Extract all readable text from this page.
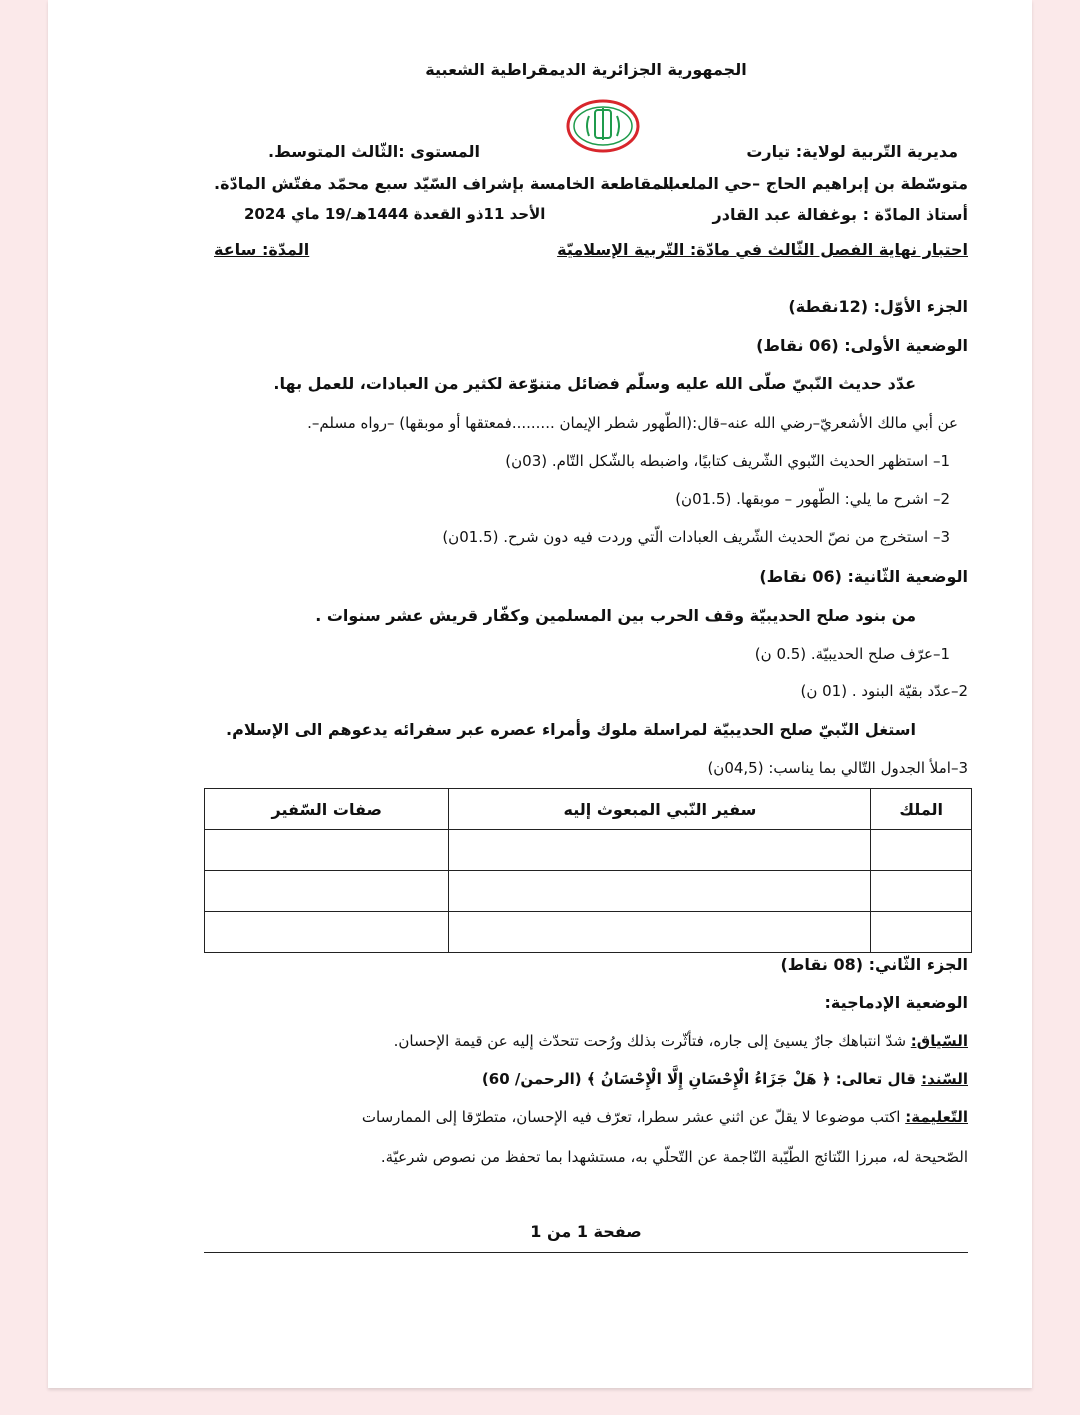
الجمهورية الجزائرية الديمقراطية الشعبية
مديرية التّربية لولاية: تيارت
متوسّطة بن إبراهيم الحاج –حي الملعب.
أستاذ المادّة : بوغفالة عبد القادر
المستوى :الثّالث المتوسط.
المقاطعة الخامسة بإشراف السّيّد سبع محمّد مفتّش المادّة.
الأحد 11ذو القعدة 1444هـ/19 ماي 2024
احتبار نهاية الفصل الثّالث في مادّة: التّربية الإسلاميّة
المدّة: ساعة
الجزء الأوّل: (12نقطة)
الوضعية الأولى: (06 نقاط)
عدّد حديث النّبيّ صلّى الله عليه وسلّم فضائل متنوّعة لكثير من العبادات، للعمل بها.
عن أبي مالك الأشعريّ–رضي الله عنه–قال:(الطّهور شطر الإيمان .........فمعتقها أو موبقها) –رواه مسلم–.
1– استظهر الحديث النّبوي الشّريف كتابيًا، واضبطه بالشّكل التّام. (03ن)
2– اشرح ما يلي: الطّهور – موبقها. (01.5ن)
3– استخرج من نصّ الحديث الشّريف العبادات الّتي وردت فيه دون شرح. (01.5ن)
الوضعية الثّانية: (06 نقاط)
من بنود صلح الحديبيّة وقف الحرب بين المسلمين وكفّار قريش عشر سنوات .
1–عرّف صلح الحديبيّة. (0.5 ن)
2–عدّد بقيّة البنود . (01 ن)
استغل النّبيّ صلح الحديبيّة لمراسلة ملوك وأمراء عصره عبر سفرائه يدعوهم الى الإسلام.
3–املأ الجدول التّالي بما يناسب: (04,5ن)
الملك	سفير النّبي المبعوث إليه	صفات السّفير

الجزء الثّاني: (08 نقاط)
الوضعية الإدماجية:
السّياق: شدّ انتباهك جارٌ يسيئ إلى جاره، فتأثّرت بذلك ورُحت تتحدّث إليه عن قيمة الإحسان.
السّند: قال تعالى: ﴿ هَلْ جَزَاءُ الْإِحْسَانِ إِلَّا الْإِحْسَانُ ﴾ (الرحمن/ 60)
التّعليمة: اكتب موضوعا لا يقلّ عن اثني عشر سطرا، تعرّف فيه الإحسان، متطرّقا إلى الممارسات
الصّحيحة له، مبرزا النّتائج الطّيّبة النّاجمة عن التّحلّي به، مستشهدا بما تحفظ من نصوص شرعيّة.
صفحة 1 من 1
